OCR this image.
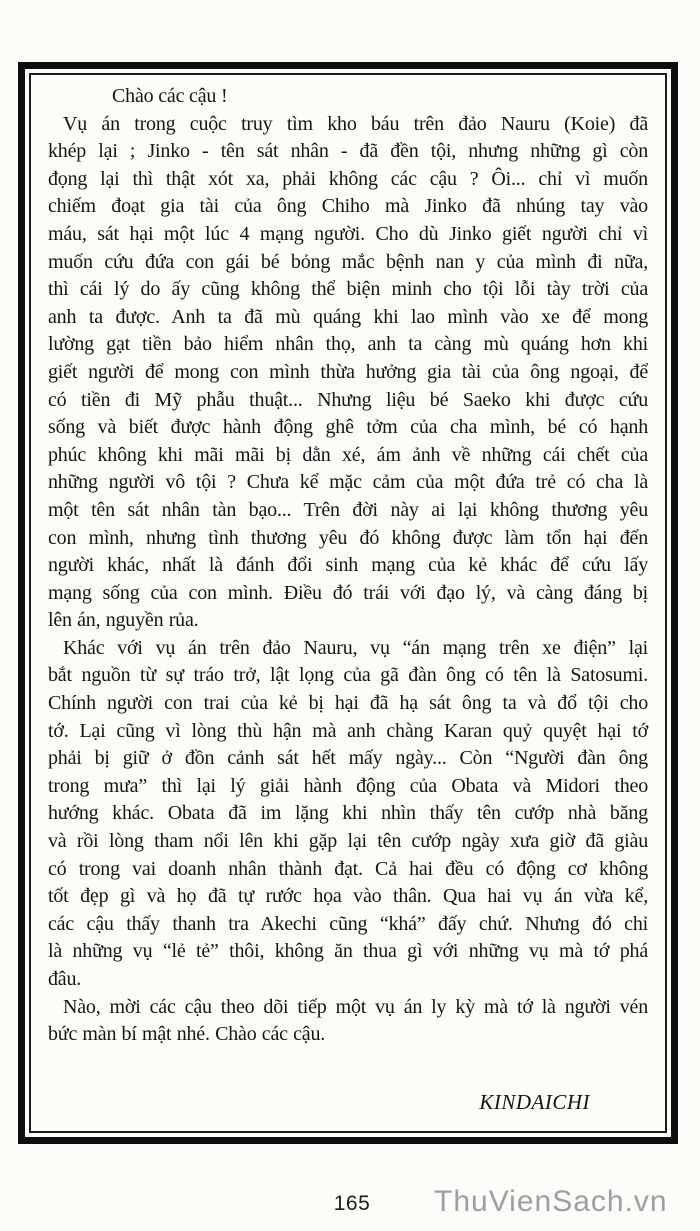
Chào các cậu !
Vụ án trong cuộc truy tìm kho báu trên đảo Nauru (Koie) đã
khép lại ; Jinko - tên sát nhân - đã đền tội, nhưng những gì còn
đọng lại thì thật xót xa, phải không các cậu ? Ôi... chỉ vì muốn
chiếm đoạt gia tài của ông Chiho mà Jinko đã nhúng tay vào
máu, sát hại một lúc 4 mạng người. Cho dù Jinko giết người chỉ vì
muốn cứu đứa con gái bé bỏng mắc bệnh nan y của mình đi nữa,
thì cái lý do ấy cũng không thể biện minh cho tội lỗi tày trời của
anh ta được. Anh ta đã mù quáng khi lao mình vào xe để mong
lường gạt tiền bảo hiểm nhân thọ, anh ta càng mù quáng hơn khi
giết người để mong con mình thừa hưởng gia tài của ông ngoại, để
có tiền đi Mỹ phẫu thuật... Nhưng liệu bé Saeko khi được cứu
sống và biết được hành động ghê tởm của cha mình, bé có hạnh
phúc không khi mãi mãi bị dằn xé, ám ảnh về những cái chết của
những người vô tội ? Chưa kể mặc cảm của một đứa trẻ có cha là
một tên sát nhân tàn bạo... Trên đời này ai lại không thương yêu
con mình, nhưng tình thương yêu đó không được làm tổn hại đến
người khác, nhất là đánh đổi sinh mạng của kẻ khác để cứu lấy
mạng sống của con mình. Điều đó trái với đạo lý, và càng đáng bị
lên án, nguyền rủa.
Khác với vụ án trên đảo Nauru, vụ “án mạng trên xe điện” lại
bắt nguồn từ sự tráo trở, lật lọng của gã đàn ông có tên là Satosumi.
Chính người con trai của kẻ bị hại đã hạ sát ông ta và đổ tội cho
tớ. Lại cũng vì lòng thù hận mà anh chàng Karan quỷ quyệt hại tớ
phải bị giữ ở đồn cảnh sát hết mấy ngày... Còn “Người đàn ông
trong mưa” thì lại lý giải hành động của Obata và Midori theo
hướng khác. Obata đã im lặng khi nhìn thấy tên cướp nhà băng
và rồi lòng tham nổi lên khi gặp lại tên cướp ngày xưa giờ đã giàu
có trong vai doanh nhân thành đạt. Cả hai đều có động cơ không
tốt đẹp gì và họ đã tự rước họa vào thân. Qua hai vụ án vừa kể,
các cậu thấy thanh tra Akechi cũng “khá” đấy chứ. Nhưng đó chỉ
là những vụ “lẻ tẻ” thôi, không ăn thua gì với những vụ mà tớ phá
đâu.
Nào, mời các cậu theo dõi tiếp một vụ án ly kỳ mà tớ là người vén
bức màn bí mật nhé. Chào các cậu.
KINDAICHI
165	ThuVienSach.vn
